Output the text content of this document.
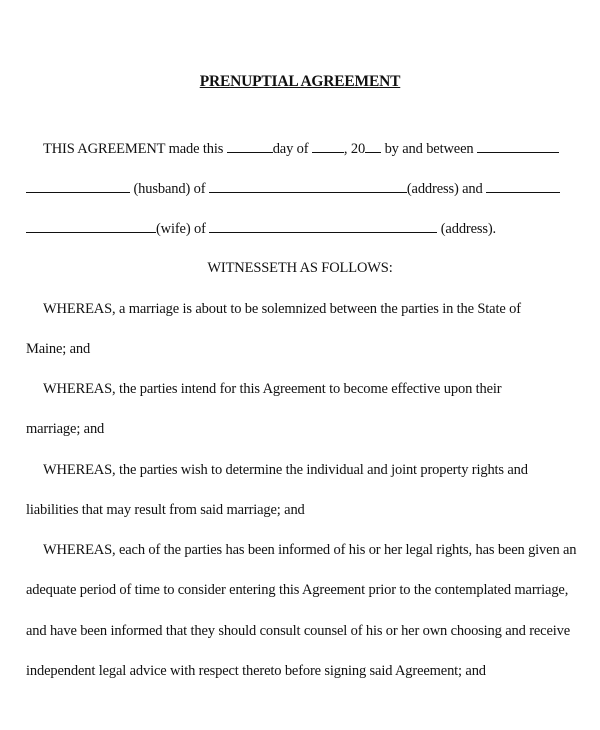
PRENUPTIAL AGREEMENT
THIS AGREEMENT made this	day of , 20 by and between
(husband) of	(address) and
(wife) of	(address).
WITNESSETH AS FOLLOWS:
WHEREAS, a marriage is about to be solemnized between the parties in the State of
Maine; and
WHEREAS, the parties intend for this Agreement to become effective upon their
marriage; and
WHEREAS, the parties wish to determine the individual and joint property rights and
liabilities that may result from said marriage; and
WHEREAS, each of the parties has been informed of his or her legal rights, has been given an
adequate period of time to consider entering this Agreement prior to the contemplated marriage,
and have been informed that they should consult counsel of his or her own choosing and receive
independent legal advice with respect thereto before signing said Agreement; and
